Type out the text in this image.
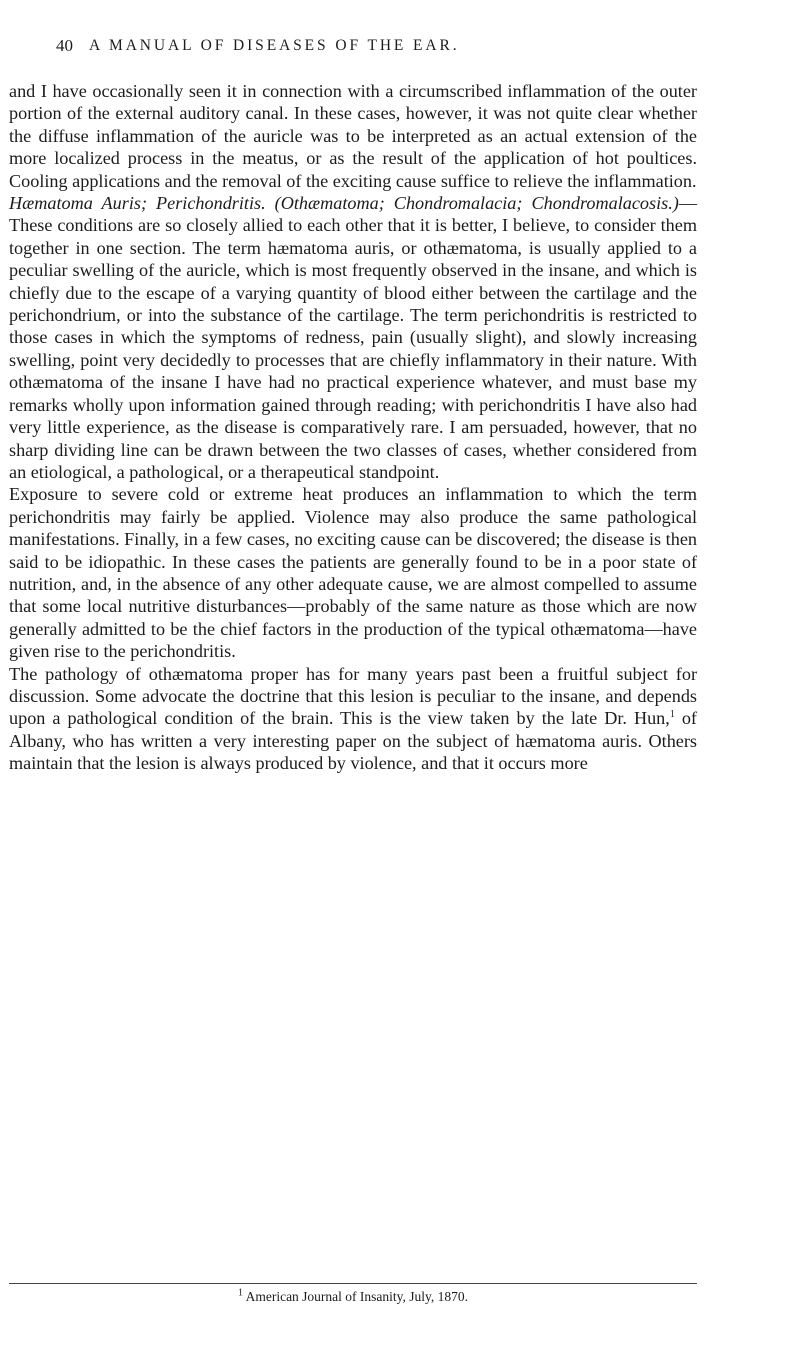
40 A MANUAL OF DISEASES OF THE EAR.

and I have occasionally seen it in connection with a circumscribed inflammation of the outer portion of the external auditory canal. In these cases, however, it was not quite clear whether the diffuse inflammation of the auricle was to be interpreted as an actual extension of the more localized process in the meatus, or as the result of the application of hot poultices. Cooling applications and the removal of the exciting cause suffice to relieve the inflammation.

Hæmatoma Auris; Perichondritis. (Othæmatoma; Chondromalacia; Chondromalacosis.)—These conditions are so closely allied to each other that it is better, I believe, to consider them together in one section. The term hæmatoma auris, or othæmatoma, is usually applied to a peculiar swelling of the auricle, which is most frequently observed in the insane, and which is chiefly due to the escape of a varying quantity of blood either between the cartilage and the perichondrium, or into the substance of the cartilage. The term perichondritis is restricted to those cases in which the symptoms of redness, pain (usually slight), and slowly increasing swelling, point very decidedly to processes that are chiefly inflammatory in their nature. With othæmatoma of the insane I have had no practical experience whatever, and must base my remarks wholly upon information gained through reading; with perichondritis I have also had very little experience, as the disease is comparatively rare. I am persuaded, however, that no sharp dividing line can be drawn between the two classes of cases, whether considered from an etiological, a pathological, or a therapeutical standpoint.

Exposure to severe cold or extreme heat produces an inflammation to which the term perichondritis may fairly be applied. Violence may also produce the same pathological manifestations. Finally, in a few cases, no exciting cause can be discovered; the disease is then said to be idiopathic. In these cases the patients are generally found to be in a poor state of nutrition, and, in the absence of any other adequate cause, we are almost compelled to assume that some local nutritive disturbances—probably of the same nature as those which are now generally admitted to be the chief factors in the production of the typical othæmatoma—have given rise to the perichondritis.

The pathology of othæmatoma proper has for many years past been a fruitful subject for discussion. Some advocate the doctrine that this lesion is peculiar to the insane, and depends upon a pathological condition of the brain. This is the view taken by the late Dr. Hun,$^1$ of Albany, who has written a very interesting paper on the subject of hæmatoma auris. Others maintain that the lesion is always produced by violence, and that it occurs more

$^1$ American Journal of Insanity, July, 1870.
